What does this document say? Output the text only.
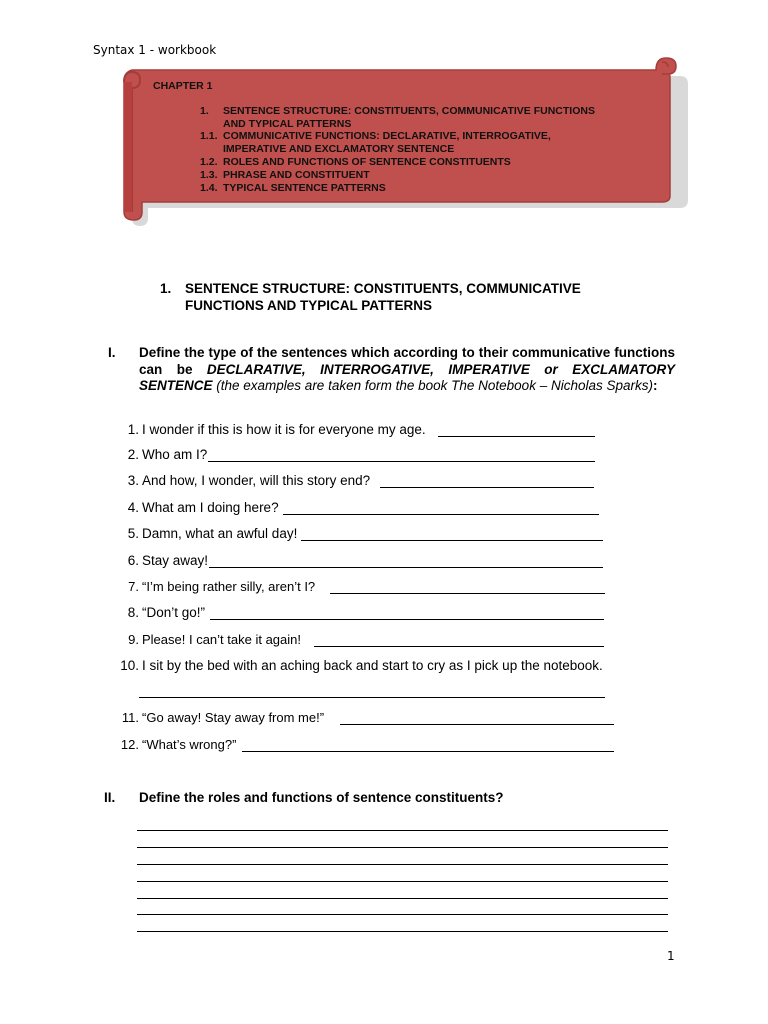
Syntax 1 - workbook
CHAPTER 1
1.	SENTENCE STRUCTURE: CONSTITUENTS, COMMUNICATIVE FUNCTIONS
AND TYPICAL PATTERNS
1.1. COMMUNICATIVE FUNCTIONS: DECLARATIVE, INTERROGATIVE,
IMPERATIVE AND EXCLAMATORY SENTENCE
1.2. ROLES AND FUNCTIONS OF SENTENCE CONSTITUENTS
1.3. PHRASE AND CONSTITUENT
1.4. TYPICAL SENTENCE PATTERNS
1. SENTENCE STRUCTURE: CONSTITUENTS, COMMUNICATIVE
FUNCTIONS AND TYPICAL PATTERNS
I. Define the type of the sentences which according to their communicative functions can be DECLARATIVE, INTERROGATIVE, IMPERATIVE or EXCLAMATORY SENTENCE (the examples are taken form the book The Notebook – Nicholas Sparks):
1. I wonder if this is how it is for everyone my age.
2. Who am I?
3. And how, I wonder, will this story end?
4. What am I doing here?
5. Damn, what an awful day!
6. Stay away!
7. “I’m being rather silly, aren’t I?
8. “Don’t go!”
9. Please! I can’t take it again!
10. I sit by the bed with an aching back and start to cry as I pick up the notebook.
11. “Go away! Stay away from me!”
12. “What’s wrong?”
II. Define the roles and functions of sentence constituents?
1
